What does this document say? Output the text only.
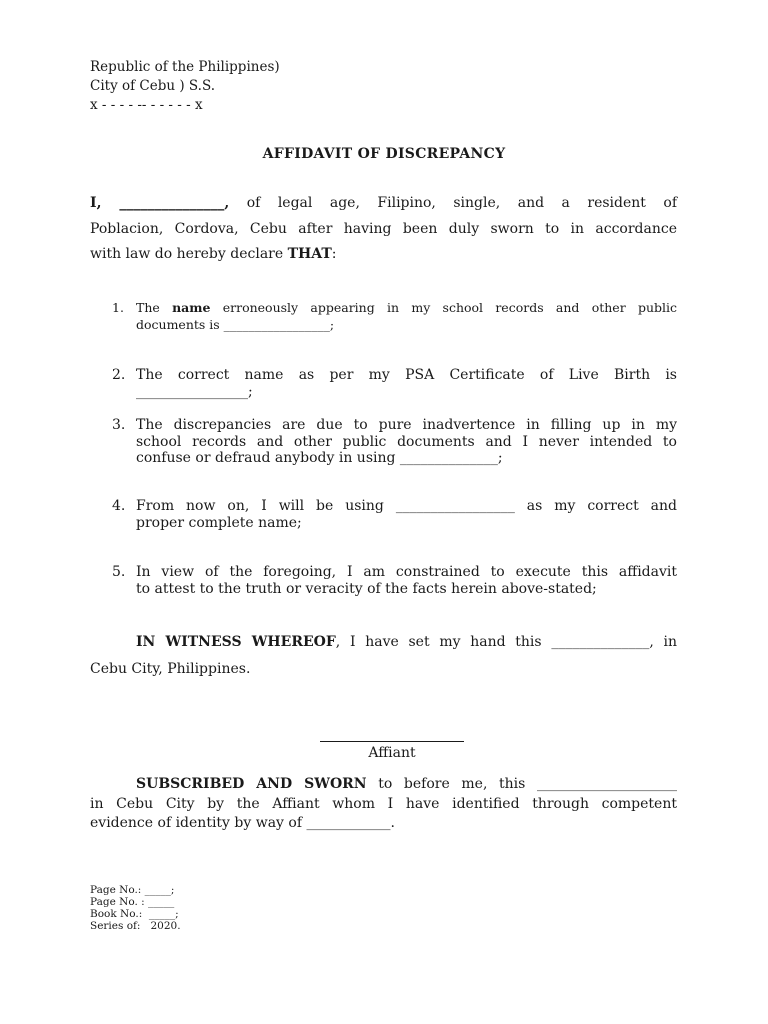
Republic of the Philippines)
City of Cebu ) S.S.
x - - - - -- - - - - - x
AFFIDAVIT OF DISCREPANCY

I, _______________, of legal age, Filipino, single, and a resident of

Poblacion, Cordova, Cebu after having been duly sworn to in accordance

with law do hereby declare THAT:

1. The name erroneously appearing in my school records and other public
documents is _________________;
2. The correct name as per my PSA Certificate of Live Birth is
________________;
3. The discrepancies are due to pure inadvertence in filling up in my
school records and other public documents and I never intended to
confuse or defraud anybody in using ______________;
4. From now on, I will be using _________________ as my correct and
proper complete name;
5. In view of the foregoing, I am constrained to execute this affidavit
to attest to the truth or veracity of the facts herein above-stated;
IN WITNESS WHEREOF, I have set my hand this ______________, in
Cebu City, Philippines.
Affiant
SUBSCRIBED AND SWORN to before me, this ____________________
in Cebu City by the Affiant whom I have identified through competent
evidence of identity by way of ____________.
Page No.: _____;
Page No. : _____
Book No.:  _____;
Series of:   2020.
